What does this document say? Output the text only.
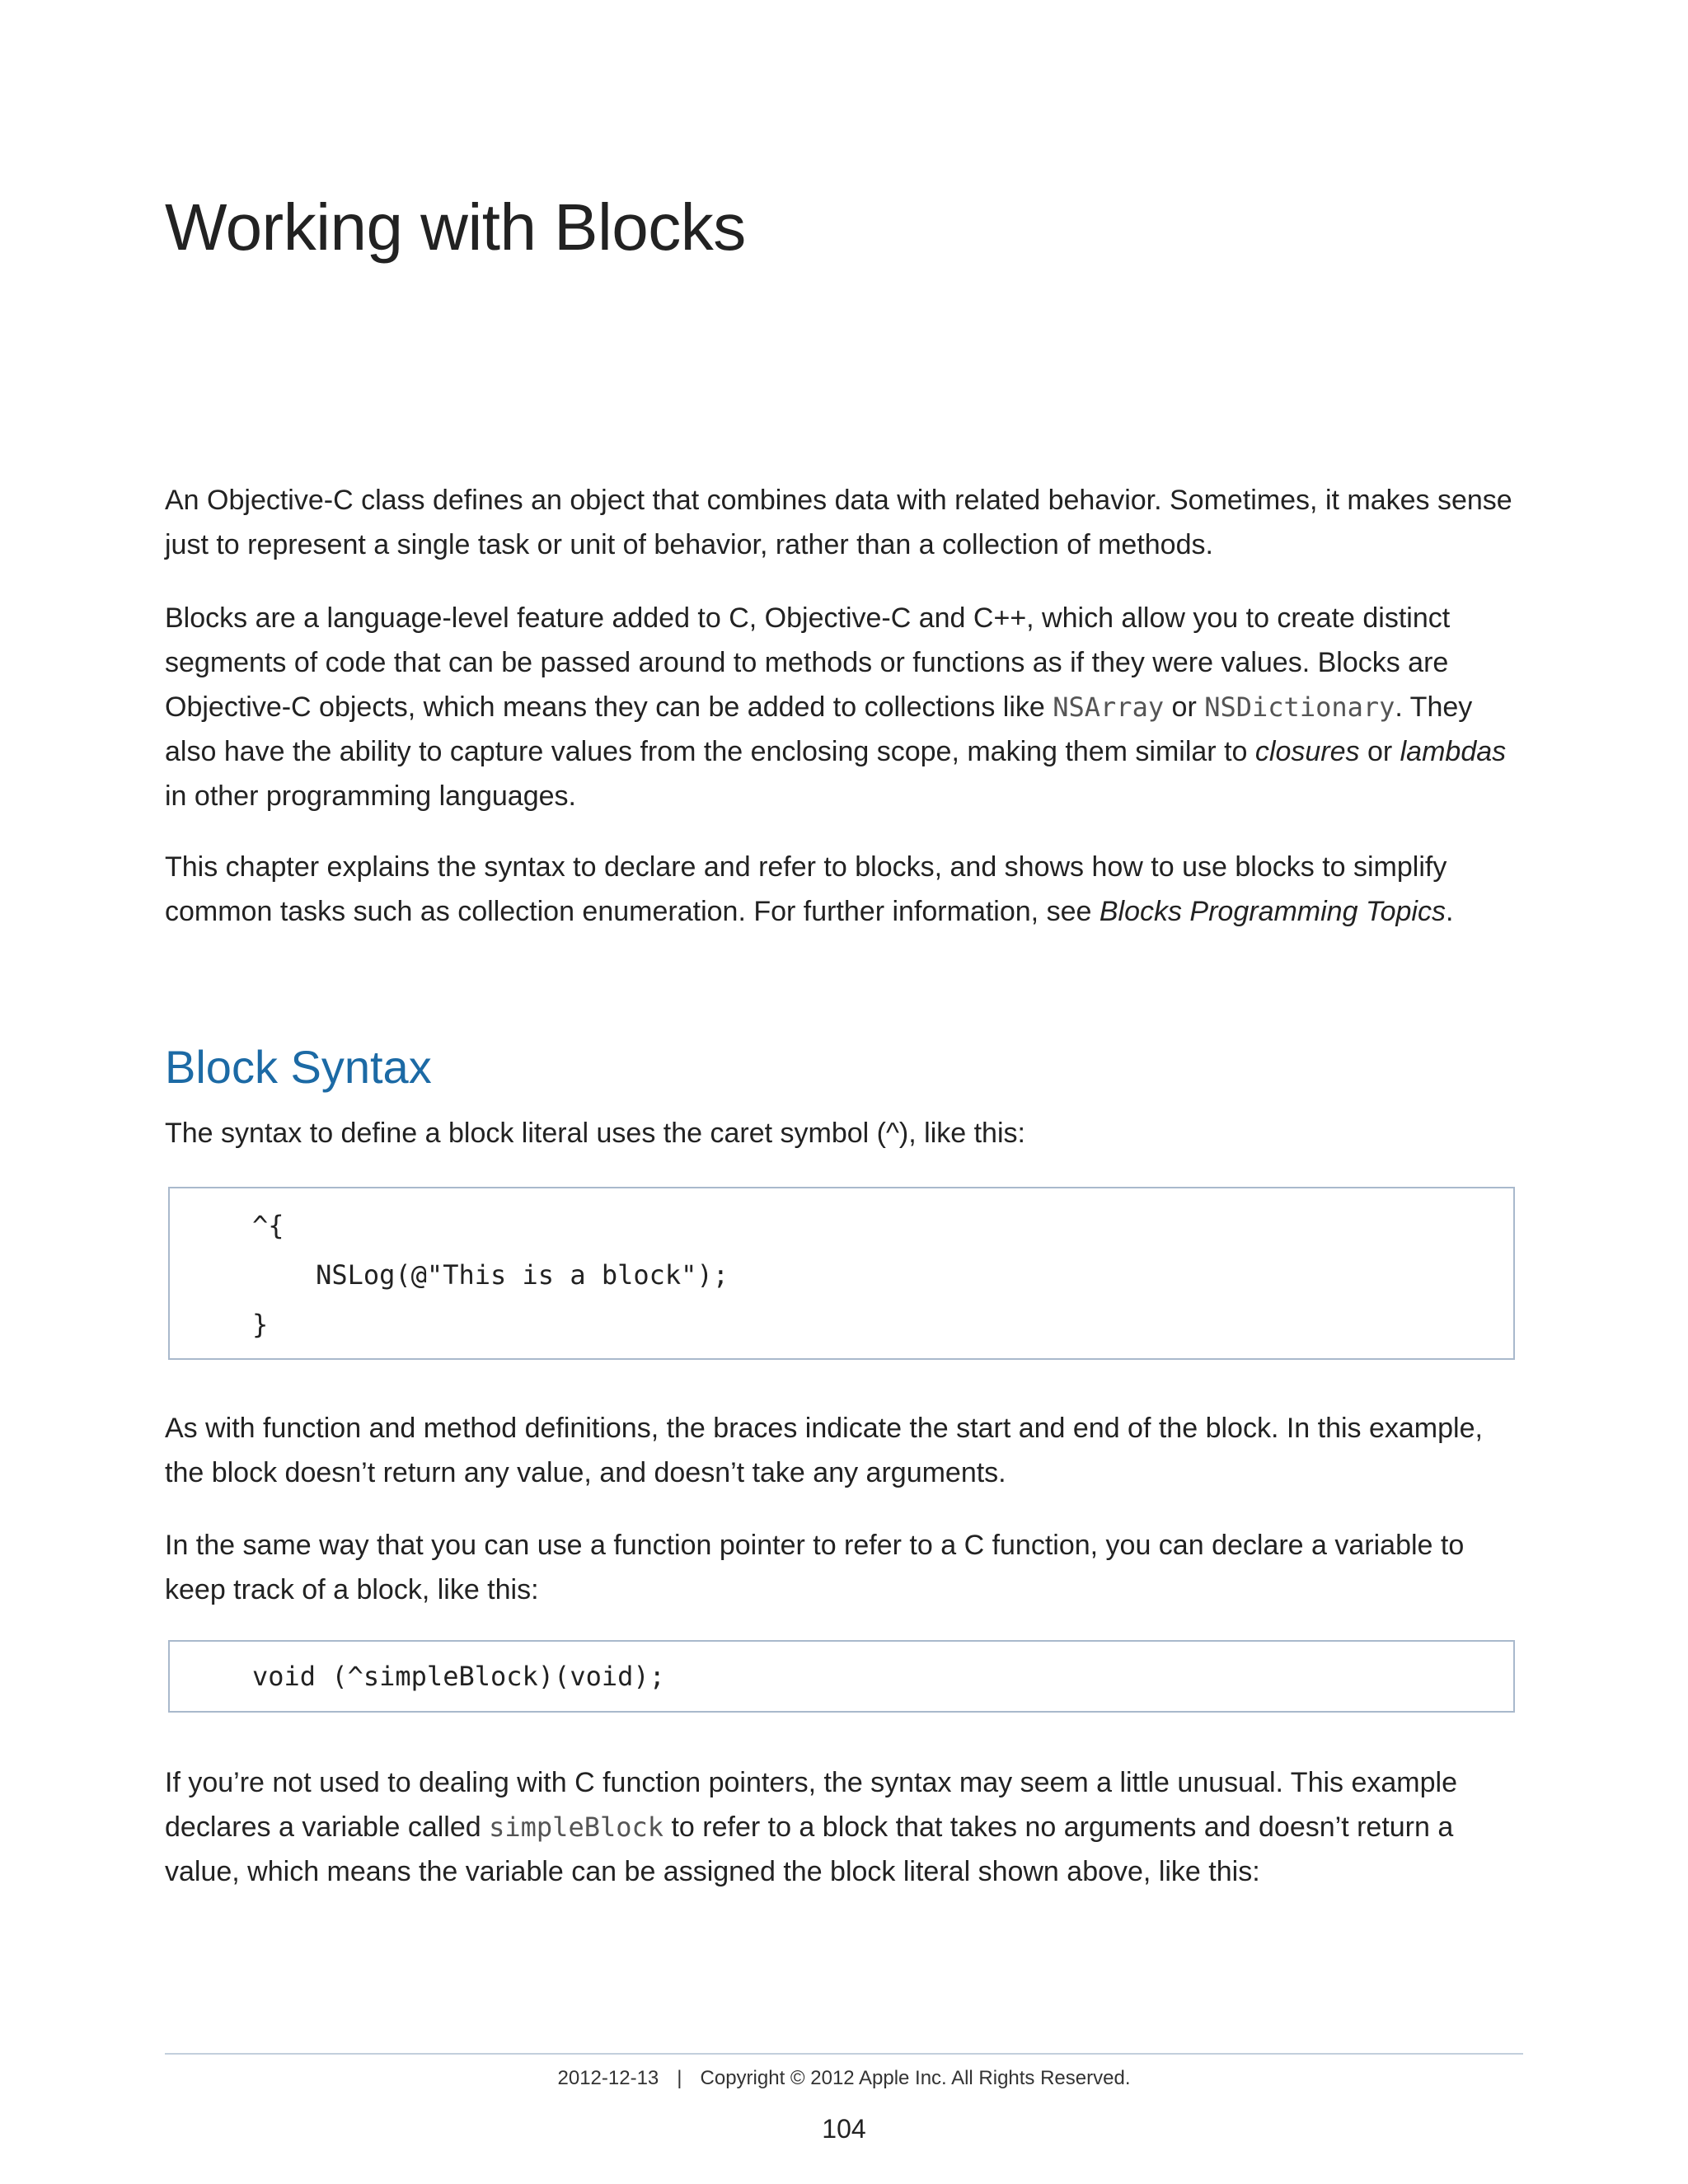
Working with Blocks

An Objective-C class defines an object that combines data with related behavior. Sometimes, it makes sense just to represent a single task or unit of behavior, rather than a collection of methods.

Blocks are a language-level feature added to C, Objective-C and C++, which allow you to create distinct segments of code that can be passed around to methods or functions as if they were values. Blocks are Objective-C objects, which means they can be added to collections like NSArray or NSDictionary. They also have the ability to capture values from the enclosing scope, making them similar to closures or lambdas in other programming languages.

This chapter explains the syntax to declare and refer to blocks, and shows how to use blocks to simplify common tasks such as collection enumeration. For further information, see Blocks Programming Topics.

Block Syntax

The syntax to define a block literal uses the caret symbol (^), like this:

^{
NSLog(@"This is a block");
}

As with function and method definitions, the braces indicate the start and end of the block. In this example, the block doesn’t return any value, and doesn’t take any arguments.

In the same way that you can use a function pointer to refer to a C function, you can declare a variable to keep track of a block, like this:

void (^simpleBlock)(void);

If you’re not used to dealing with C function pointers, the syntax may seem a little unusual. This example declares a variable called simpleBlock to refer to a block that takes no arguments and doesn’t return a value, which means the variable can be assigned the block literal shown above, like this:

2012-12-13 | Copyright © 2012 Apple Inc. All Rights Reserved.
104
